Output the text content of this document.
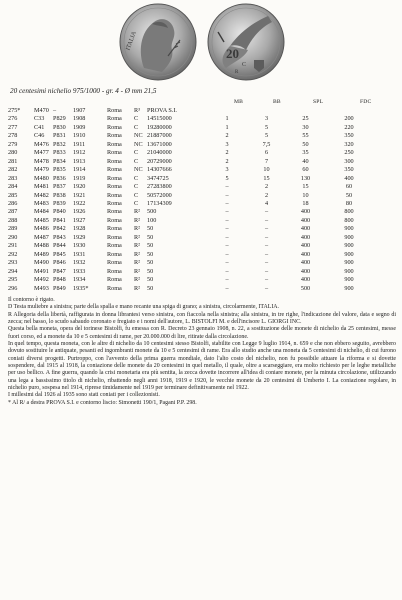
ITALIA
20
C
R
20 centesimi nichelio 975/1000 - gr. 4 - Ø mm 21,5
MB	BB	SPL	FDC
275*	M470	–	1907	Roma	R³	PROVA S.I.				
276	C33	P829	1908	Roma	C	14515000	1	3	25	200
277	C41	P830	1909	Roma	C	19280000	1	5	30	220
278	C46	P831	1910	Roma	NC	21887000	2	5	55	350
279	M476	P832	1911	Roma	NC	13671000	3	7,5	50	320
280	M477	P833	1912	Roma	C	21040000	2	6	35	250
281	M478	P834	1913	Roma	C	20729000	2	7	40	300
282	M479	P835	1914	Roma	NC	14307666	3	10	60	350
283	M480	P836	1919	Roma	C	3474725	5	15	130	400
284	M481	P837	1920	Roma	C	27283800	–	2	15	60
285	M482	P838	1921	Roma	C	50572000	–	2	10	50
286	M483	P839	1922	Roma	C	17134309	–	4	18	80
287	M484	P840	1926	Roma	R²	500	–	–	400	800
288	M485	P841	1927	Roma	R²	100	–	–	400	800
289	M486	P842	1928	Roma	R²	50	–	–	400	900
290	M487	P843	1929	Roma	R²	50	–	–	400	900
291	M488	P844	1930	Roma	R²	50	–	–	400	900
292	M489	P845	1931	Roma	R²	50	–	–	400	900
293	M490	P846	1932	Roma	R²	50	–	–	400	900
294	M491	P847	1933	Roma	R²	50	–	–	400	900
295	M492	P848	1934	Roma	R²	50	–	–	400	900
296	M493	P849	1935*	Roma	R²	50	–	–	500	900

Il contorno è rigato.

D Testa muliebre a sinistra; parte della spalla e mano recante una spiga di grano; a sinistra, circolarmente, ITALIA.

R Allegoria della libertà, raffigurata in donna librantesi verso sinistra, con fiaccola nella sinistra; alla sinistra, in tre righe, l'indicazione del valore, data e segno di zecca; nel basso, lo scudo sabaudo coronato e fregiato e i nomi dell'autore, L. BISTOLFI M. e dell'incisore L. GIORGI INC.

Questa bella moneta, opera del torinese Bistolfi, fu emessa con R. Decreto 23 gennaio 1908, n. 22, a sostituzione delle monete di nichelio da 25 centesimi, messe fuori corso, ed a monete da 10 e 5 centesimi di rame, per 20.000.000 di lire, ritirate dalla circolazione.

In quel tempo, questa moneta, con le altre di nichelio da 10 centesimi stesso Bistolfi, stabilite con Legge 9 luglio 1914, n. 659 e che non ebbero seguito, avrebbero dovuto sostituire le antiquate, pesanti ed ingombranti monete da 10 e 5 centesimi di rame. Era allo studio anche una moneta da 5 centesimi di nichelio, di cui furono coniati diversi progetti. Purtroppo, con l'avvento della prima guerra mondiale, dato l'alto costo del nichelio, non fu possibile attuare la riforma e si dovette sospendere, dal 1915 al 1918, la coniazione delle monete da 20 centesimi in quel metallo, il quale, oltre a scarseggiare, era molto richiesto per le leghe metalliche per uso bellico. A fine guerra, quando la crisi monetaria era più sentita, la zecca dovette incorrere all'idea di coniare monete, per la minuta circolazione, utilizzando una lega a bassissimo titolo di nichelio, ribattendo negli anni 1918, 1919 e 1920, le vecchie monete da 20 centesimi di Umberto I. La coniazione regolare, in nichelio puro, sospesa nel 1914, riprese timidamente nel 1919 per terminare definitivamente nel 1922.

I millesimi dal 1926 al 1935 sono stati coniati per i collezionisti.

* Al R/ a destra PROVA S.I. e contorno liscio: Simonetti 190/1, Pagani P.P. 298.
